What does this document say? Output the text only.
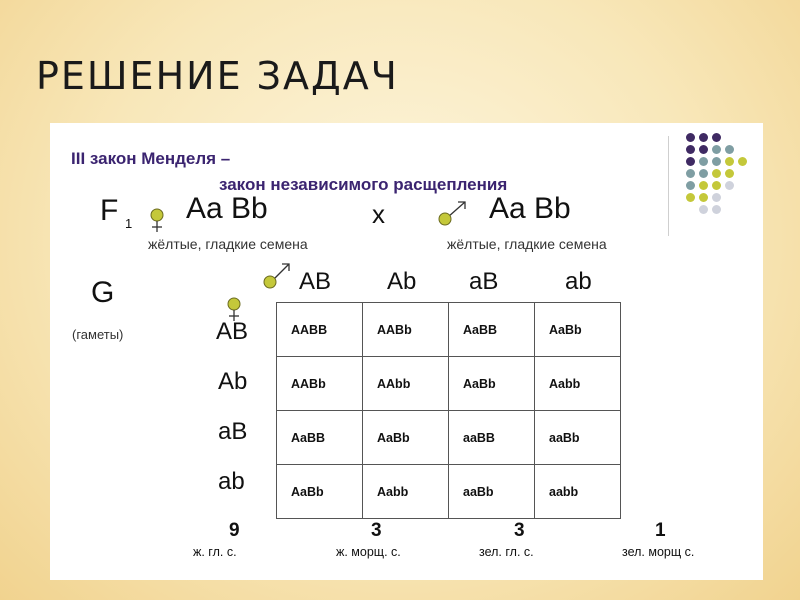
РЕШЕНИЕ ЗАДАЧ
III закон Менделя –
закон независимого расщепления
F 1 Aa Bb	x	Aa Bb
жёлтые, гладкие семена	жёлтые, гладкие семена
G
(гаметы)
AB Ab aB	ab
AB
Ab
aB
ab
AABB	AABb	AaBB	AaBb
AABb	AAbb	AaBb	Aabb
AaBB	AaBb	aaBB	aaBb
AaBb	Aabb	aaBb	aabb
9	3	3	1
ж. гл. с.	ж. морщ. с.	зел. гл. с.	зел. морщ с.
